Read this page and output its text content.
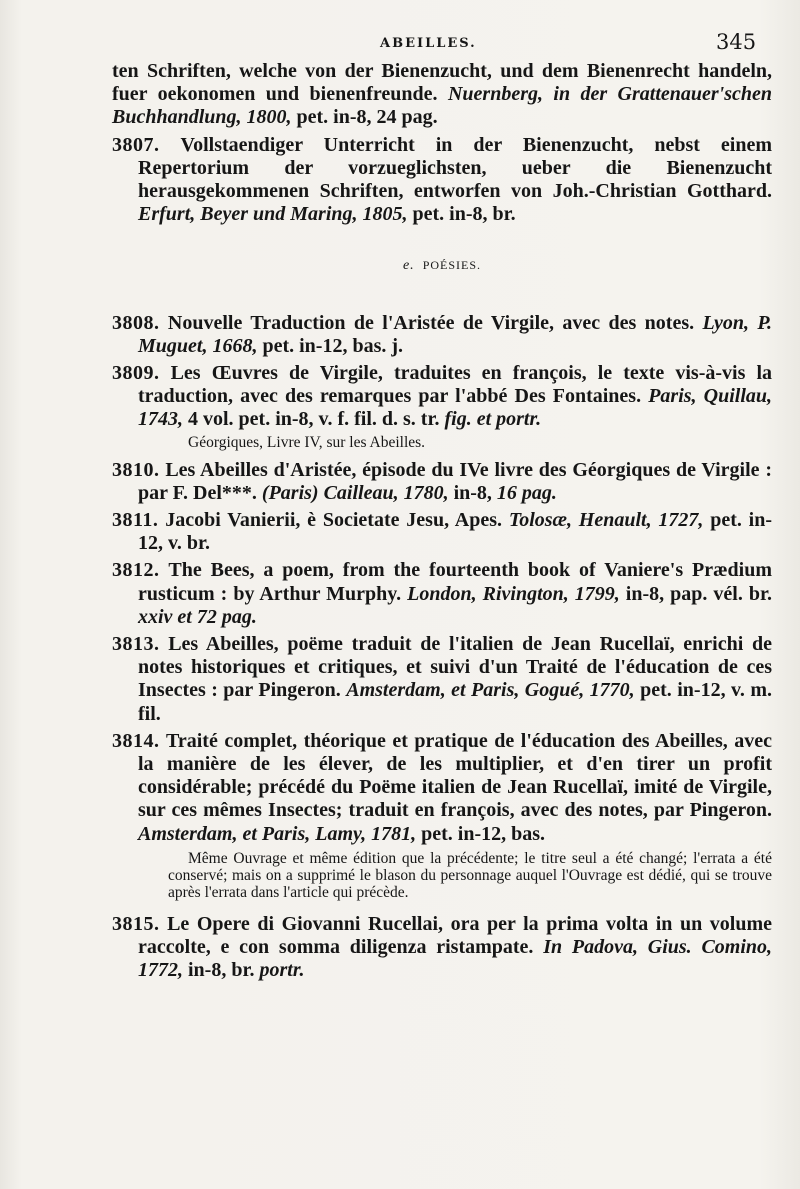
ABEILLES.	345

ten Schriften, welche von der Bienenzucht, und dem Bienenrecht handeln, fuer oekonomen und bienenfreunde. Nuernberg, in der Grattenauer'schen Buchhandlung, 1800, pet. in-8, 24 pag.

3807. Vollstaendiger Unterricht in der Bienenzucht, nebst einem Repertorium der vorzueglichsten, ueber die Bienenzucht herausgekommenen Schriften, entworfen von Joh.-Christian Gotthard. Erfurt, Beyer und Maring, 1805, pet. in-8, br.

e. POÉSIES.

3808. Nouvelle Traduction de l'Aristée de Virgile, avec des notes. Lyon, P. Muguet, 1668, pet. in-12, bas. j.

3809. Les Œuvres de Virgile, traduites en françois, le texte vis-à-vis la traduction, avec des remarques par l'abbé Des Fontaines. Paris, Quillau, 1743, 4 vol. pet. in-8, v. f. fil. d. s. tr. fig. et portr.

Géorgiques, Livre IV, sur les Abeilles.

3810. Les Abeilles d'Aristée, épisode du IVe livre des Géorgiques de Virgile : par F. Del***. (Paris) Cailleau, 1780, in-8, 16 pag.

3811. Jacobi Vanierii, è Societate Jesu, Apes. Tolosæ, Henault, 1727, pet. in-12, v. br.

3812. The Bees, a poem, from the fourteenth book of Vaniere's Prædium rusticum : by Arthur Murphy. London, Rivington, 1799, in-8, pap. vél. br. xxiv et 72 pag.

3813. Les Abeilles, poëme traduit de l'italien de Jean Rucellaï, enrichi de notes historiques et critiques, et suivi d'un Traité de l'éducation de ces Insectes : par Pingeron. Amsterdam, et Paris, Gogué, 1770, pet. in-12, v. m. fil.

3814. Traité complet, théorique et pratique de l'éducation des Abeilles, avec la manière de les élever, de les multiplier, et d'en tirer un profit considérable; précédé du Poëme italien de Jean Rucellaï, imité de Virgile, sur ces mêmes Insectes; traduit en françois, avec des notes, par Pingeron. Amsterdam, et Paris, Lamy, 1781, pet. in-12, bas.

Même Ouvrage et même édition que la précédente; le titre seul a été changé; l'errata a été conservé; mais on a supprimé le blason du personnage auquel l'Ouvrage est dédié, qui se trouve après l'errata dans l'article qui précède.

3815. Le Opere di Giovanni Rucellai, ora per la prima volta in un volume raccolte, e con somma diligenza ristampate. In Padova, Gius. Comino, 1772, in-8, br. portr.
